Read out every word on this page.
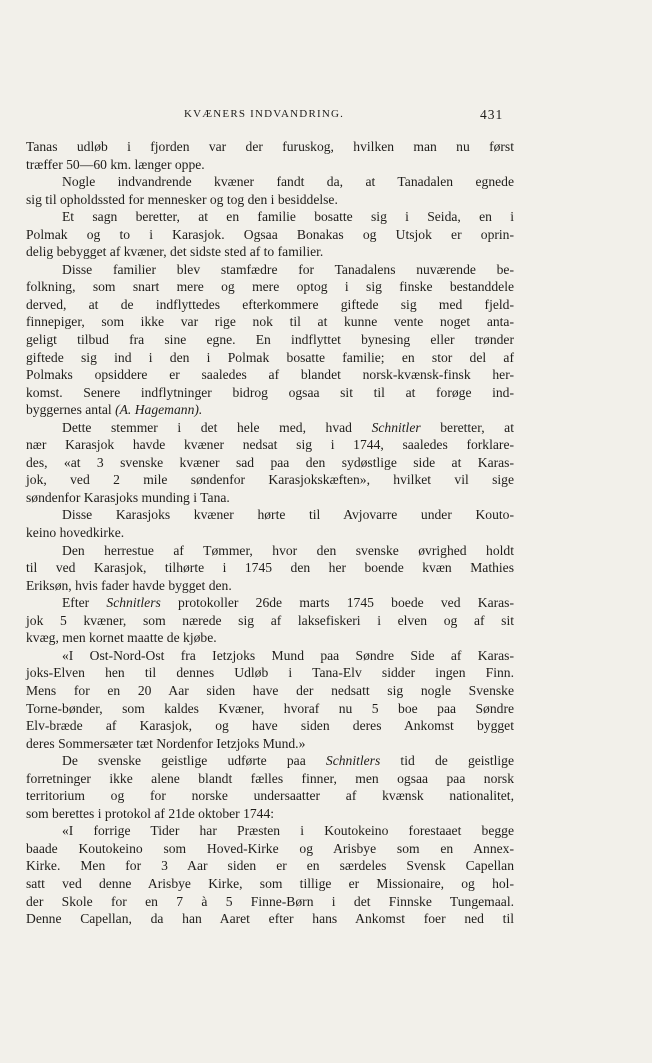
KVÆNERS INDVANDRING.	431
Tanas udløb i fjorden var der furuskog, hvilken man nu først
træffer 50—60 km. længer oppe.
Nogle indvandrende kvæner fandt da, at Tanadalen egnede
sig til opholdssted for mennesker og tog den i besiddelse.
Et sagn beretter, at en familie bosatte sig i Seida, en i
Polmak og to i Karasjok. Ogsaa Bonakas og Utsjok er oprin-
delig bebygget af kvæner, det sidste sted af to familier.
Disse familier blev stamfædre for Tanadalens nuværende be-
folkning, som snart mere og mere optog i sig finske bestanddele
derved, at de indflyttedes efterkommere giftede sig med fjeld-
finnepiger, som ikke var rige nok til at kunne vente noget anta-
geligt tilbud fra sine egne. En indflyttet bynesing eller trønder
giftede sig ind i den i Polmak bosatte familie; en stor del af
Polmaks opsiddere er saaledes af blandet norsk-kvænsk-finsk her-
komst. Senere indflytninger bidrog ogsaa sit til at forøge ind-
byggernes antal (A. Hagemann).
Dette stemmer i det hele med, hvad Schnitler beretter, at
nær Karasjok havde kvæner nedsat sig i 1744, saaledes forklare-
des, «at 3 svenske kvæner sad paa den sydøstlige side at Karas-
jok, ved 2 mile søndenfor Karasjokskæften», hvilket vil sige
søndenfor Karasjoks munding i Tana.
Disse Karasjoks kvæner hørte til Avjovarre under Kouto-
keino hovedkirke.
Den herrestue af Tømmer, hvor den svenske øvrighed holdt
til ved Karasjok, tilhørte i 1745 den her boende kvæn Mathies
Eriksøn, hvis fader havde bygget den.
Efter Schnitlers protokoller 26de marts 1745 boede ved Karas-
jok 5 kvæner, som nærede sig af laksefiskeri i elven og af sit
kvæg, men kornet maatte de kjøbe.
«I Ost-Nord-Ost fra Ietzjoks Mund paa Søndre Side af Karas-
joks-Elven hen til dennes Udløb i Tana-Elv sidder ingen Finn.
Mens for en 20 Aar siden have der nedsatt sig nogle Svenske
Torne-bønder, som kaldes Kvæner, hvoraf nu 5 boe paa Søndre
Elv-bræde af Karasjok, og have siden deres Ankomst bygget
deres Sommersæter tæt Nordenfor Ietzjoks Mund.»
De svenske geistlige udførte paa Schnitlers tid de geistlige
forretninger ikke alene blandt fælles finner, men ogsaa paa norsk
territorium og for norske undersaatter af kvænsk nationalitet,
som berettes i protokol af 21de oktober 1744:
«I forrige Tider har Præsten i Koutokeino forestaaet begge
baade Koutokeino som Hoved-Kirke og Arisbye som en Annex-
Kirke. Men for 3 Aar siden er en særdeles Svensk Capellan
satt ved denne Arisbye Kirke, som tillige er Missionaire, og hol-
der Skole for en 7 à 5 Finne-Børn i det Finnske Tungemaal.
Denne Capellan, da han Aaret efter hans Ankomst foer ned til
